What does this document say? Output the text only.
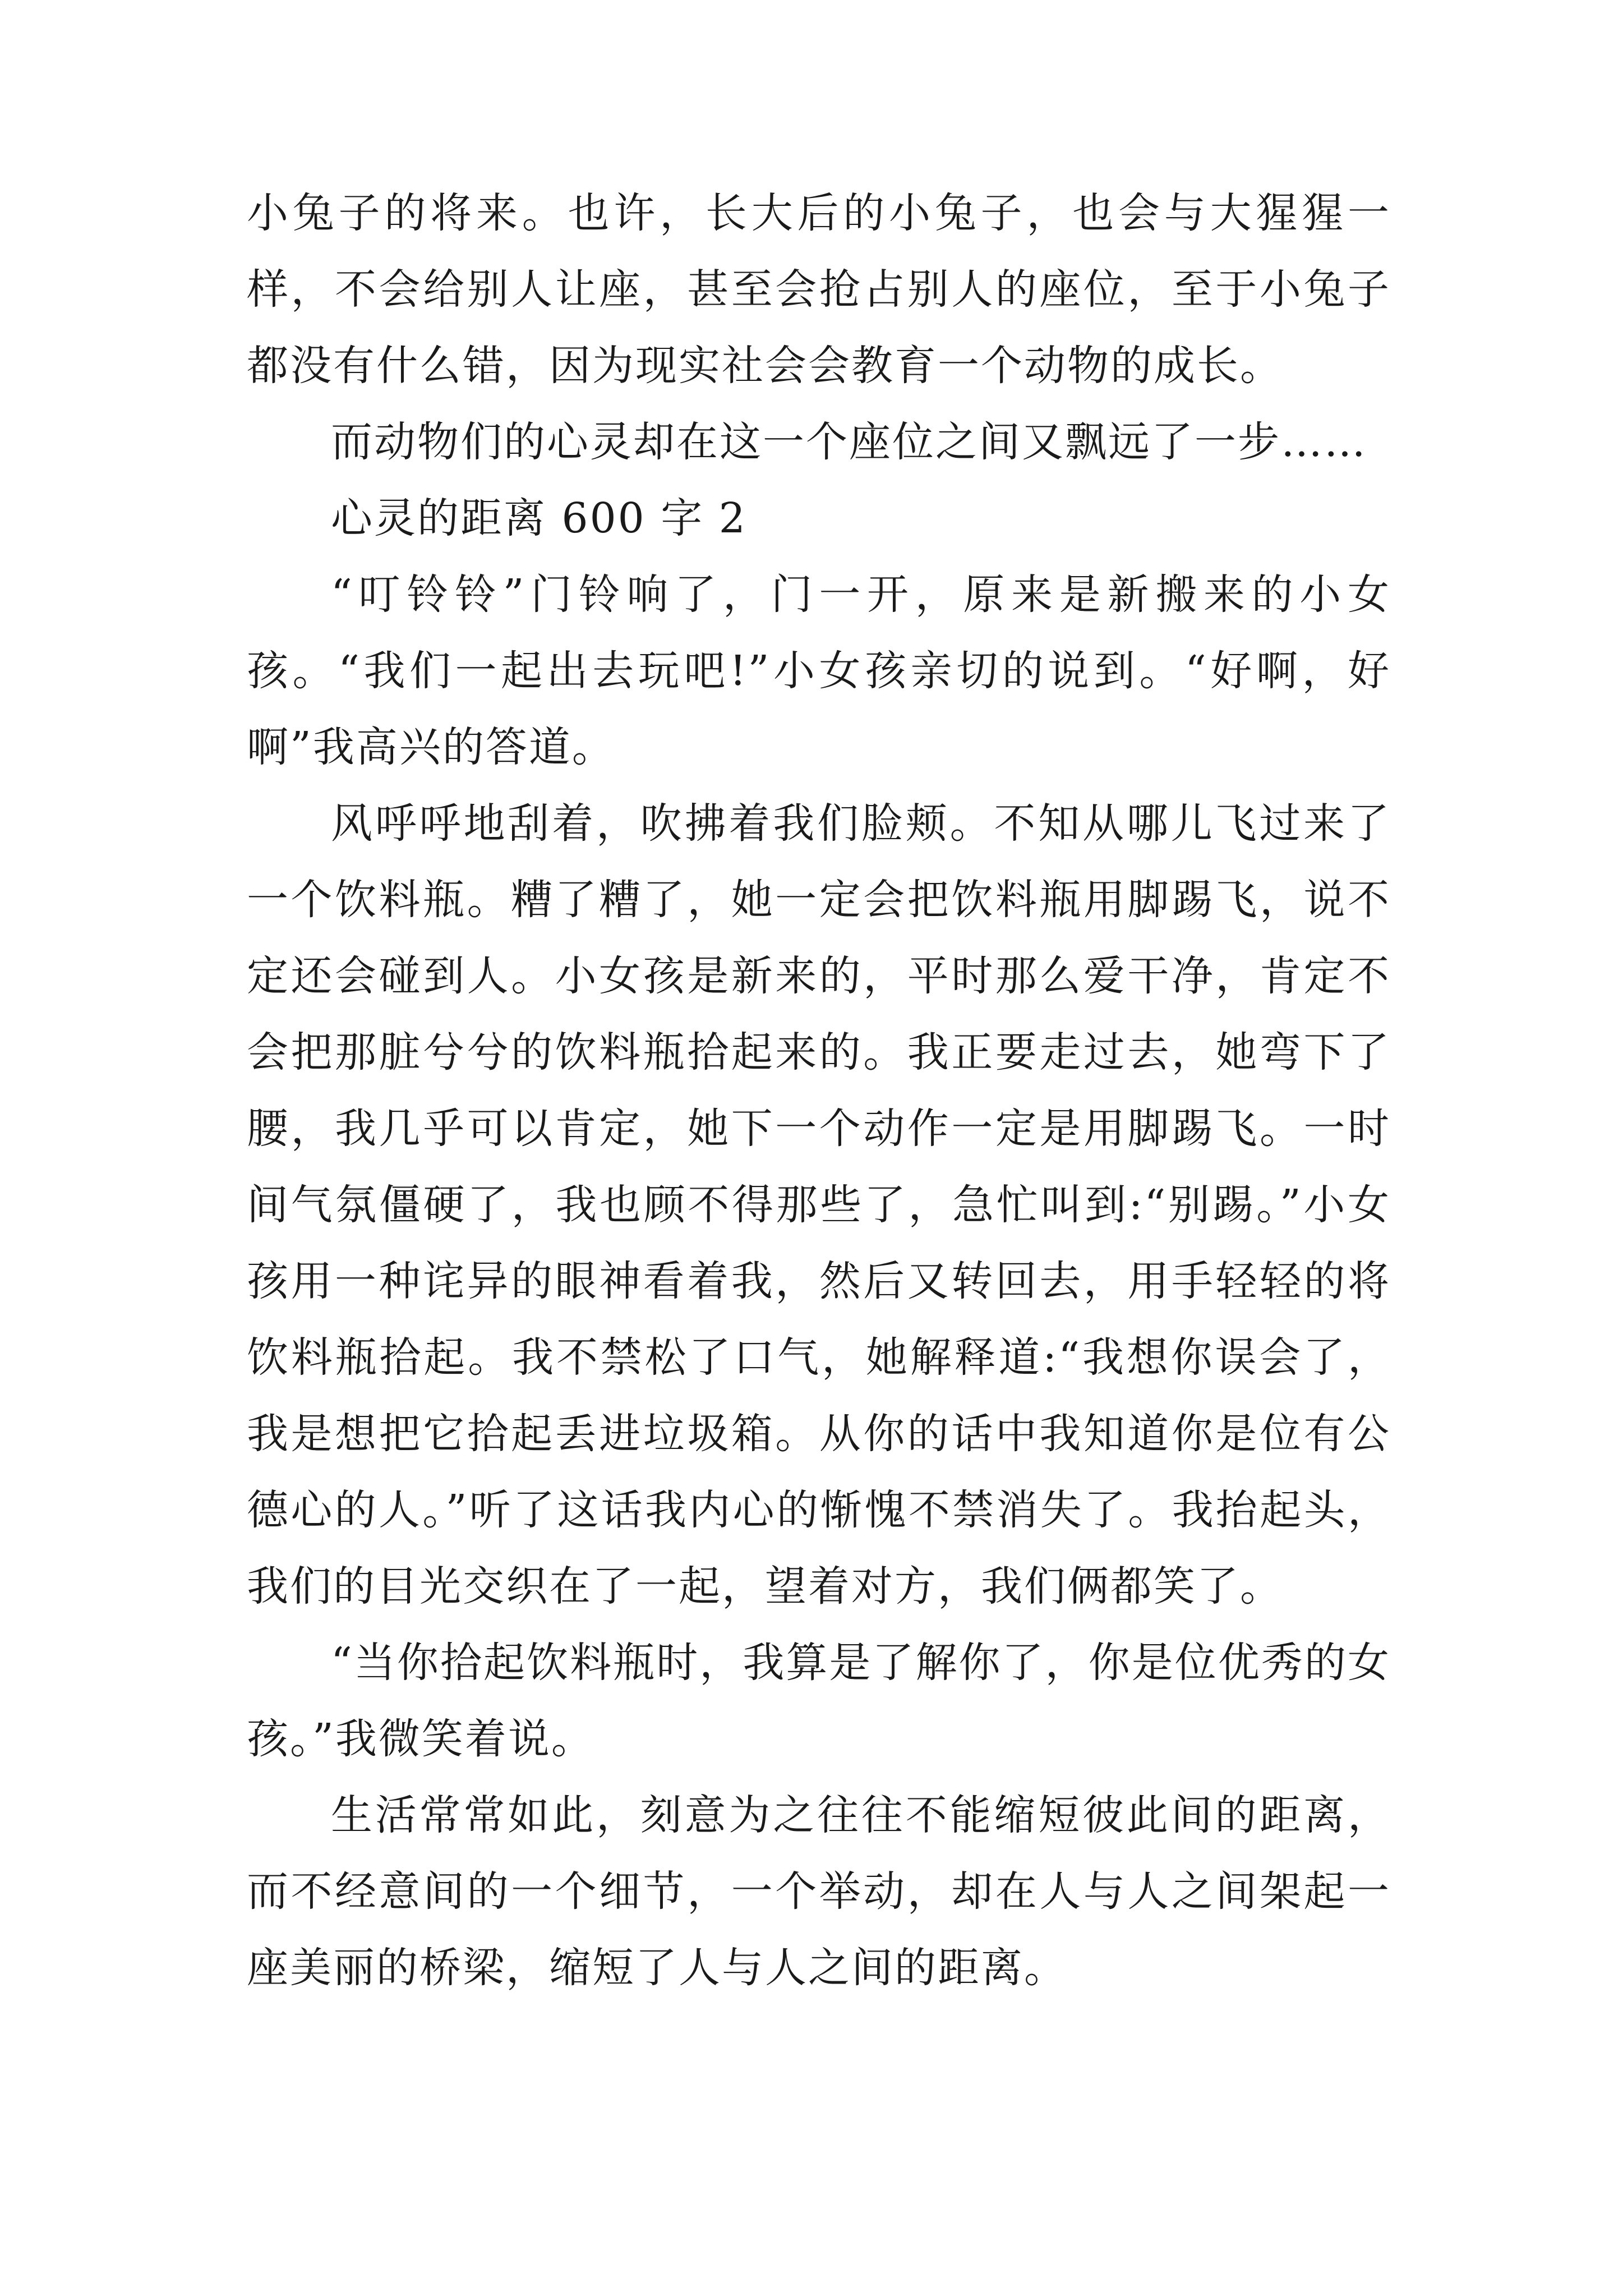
小兔子的将来。也许，长大后的小兔子，也会与大猩猩一样，不会给别人让座，甚至会抢占别人的座位，至于小兔子都没有什么错，因为现实社会会教育一个动物的成长。

而动物们的心灵却在这一个座位之间又飘远了一步……

心灵的距离 600 字 2

“叮铃铃”门铃响了，门一开，原来是新搬来的小女孩。“我们一起出去玩吧!”小女孩亲切的说到。“好啊，好啊”我高兴的答道。

风呼呼地刮着，吹拂着我们脸颊。不知从哪儿飞过来了一个饮料瓶。糟了糟了，她一定会把饮料瓶用脚踢飞，说不定还会碰到人。小女孩是新来的，平时那么爱干净，肯定不会把那脏兮兮的饮料瓶拾起来的。我正要走过去，她弯下了腰，我几乎可以肯定，她下一个动作一定是用脚踢飞。一时间气氛僵硬了，我也顾不得那些了，急忙叫到:“别踢。”小女孩用一种诧异的眼神看着我，然后又转回去，用手轻轻的将饮料瓶拾起。我不禁松了口气，她解释道:“我想你误会了，我是想把它拾起丢进垃圾箱。从你的话中我知道你是位有公德心的人。”听了这话我内心的惭愧不禁消失了。我抬起头，我们的目光交织在了一起，望着对方，我们俩都笑了。

“当你拾起饮料瓶时，我算是了解你了，你是位优秀的女孩。”我微笑着说。

生活常常如此，刻意为之往往不能缩短彼此间的距离，而不经意间的一个细节，一个举动，却在人与人之间架起一座美丽的桥梁，缩短了人与人之间的距离。
